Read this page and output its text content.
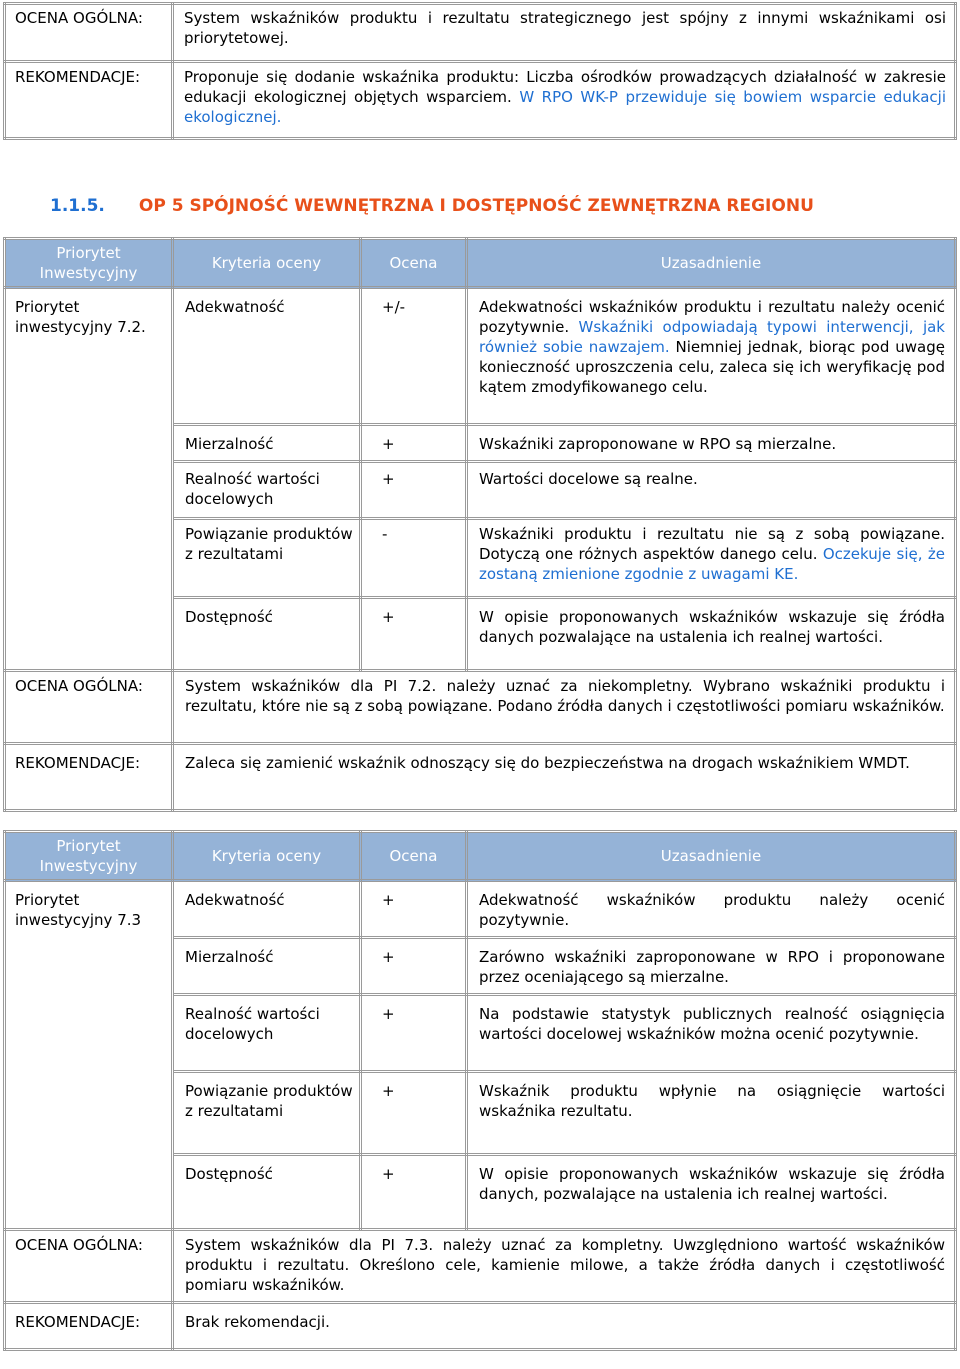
OCENA OGÓLNA:	System wskaźników produktu i rezultatu strategicznego jest spójny z innymi wskaźnikami osi priorytetowej.
REKOMENDACJE:	Proponuje się dodanie wskaźnika produktu: Liczba ośrodków prowadzących działalność w zakresie edukacji ekologicznej objętych wsparciem. W RPO WK-P przewiduje się bowiem wsparcie edukacji ekologicznej.
1.1.5. OP 5 SPÓJNOŚĆ WEWNĘTRZNA I DOSTĘPNOŚĆ ZEWNĘTRZNA REGIONU
Priorytet Inwestycyjny	Kryteria oceny	Ocena	Uzasadnienie
Priorytet inwestycyjny 7.2.	Adekwatność	+/-	Adekwatności wskaźników produktu i rezultatu należy ocenić pozytywnie. Wskaźniki odpowiadają typowi interwencji, jak również sobie nawzajem. Niemniej jednak, biorąc pod uwagę konieczność uproszczenia celu, zaleca się ich weryfikację pod kątem zmodyfikowanego celu.
	Mierzalność	+	Wskaźniki zaproponowane w RPO są mierzalne.
	Realność wartości docelowych	+	Wartości docelowe są realne.
	Powiązanie produktów z rezultatami	-	Wskaźniki produktu i rezultatu nie są z sobą powiązane. Dotyczą one różnych aspektów danego celu. Oczekuje się, że zostaną zmienione zgodnie z uwagami KE.
	Dostępność	+	W opisie proponowanych wskaźników wskazuje się źródła danych pozwalające na ustalenia ich realnej wartości.
OCENA OGÓLNA:	System wskaźników dla PI 7.2. należy uznać za niekompletny. Wybrano wskaźniki produktu i rezultatu, które nie są z sobą powiązane. Podano źródła danych i częstotliwości pomiaru wskaźników.		
REKOMENDACJE:	Zaleca się zamienić wskaźnik odnoszący się do bezpieczeństwa na drogach wskaźnikiem WMDT.		
Priorytet Inwestycyjny	Kryteria oceny	Ocena	Uzasadnienie
Priorytet inwestycyjny 7.3	Adekwatność	+	Adekwatność wskaźników produktu należy ocenić pozytywnie.
	Mierzalność	+	Zarówno wskaźniki zaproponowane w RPO i proponowane przez oceniającego są mierzalne.
	Realność wartości docelowych	+	Na podstawie statystyk publicznych realność osiągnięcia wartości docelowej wskaźników można ocenić pozytywnie.
	Powiązanie produktów z rezultatami	+	Wskaźnik produktu wpłynie na osiągnięcie wartości wskaźnika rezultatu.
	Dostępność	+	W opisie proponowanych wskaźników wskazuje się źródła danych, pozwalające na ustalenia ich realnej wartości.
OCENA OGÓLNA:	System wskaźników dla PI 7.3. należy uznać za kompletny. Uwzględniono wartość wskaźników produktu i rezultatu. Określono cele, kamienie milowe, a także źródła danych i częstotliwość pomiaru wskaźników.		
REKOMENDACJE:	Brak rekomendacji.		
